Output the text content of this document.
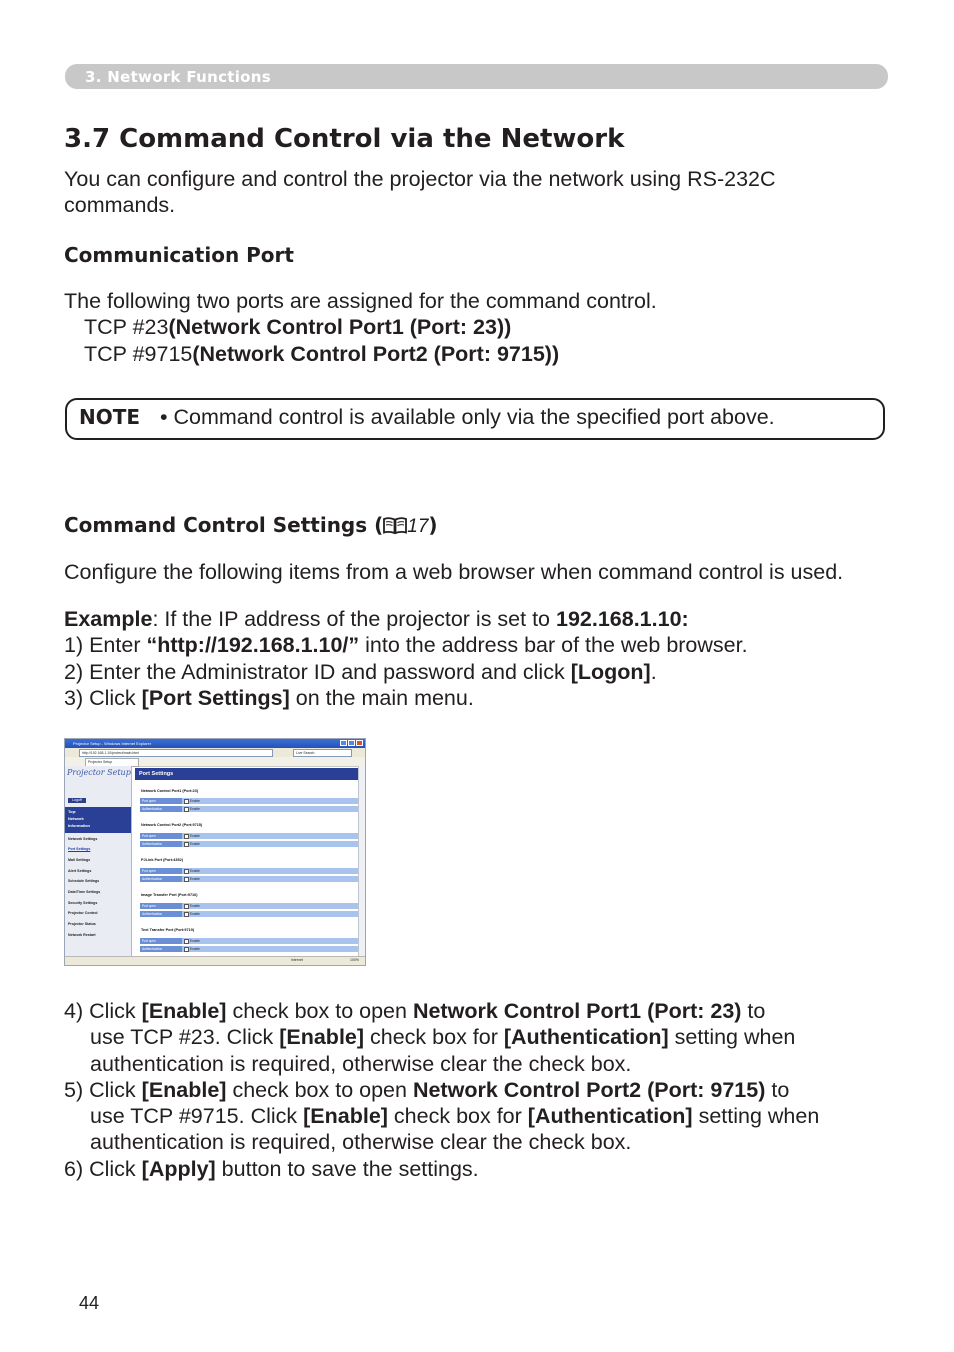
3. Network Functions
3.7 Command Control via the Network

You can configure and control the projector via the network using RS-232C
commands.

Communication Port

The following two ports are assigned for the command control.
TCP #23(Network Control Port1 (Port: 23))
TCP #9715(Network Control Port2 (Port: 9715))

NOTE • Command control is available only via the specified port above.
Command Control Settings ( 17)

Configure the following items from a web browser when command control is used.

Example: If the IP address of the projector is set to 192.168.1.10:
1) Enter “http://192.168.1.10/” into the address bar of the web browser.
2) Enter the Administrator ID and password and click [Logon].
3) Click [Port Settings] on the main menu.

Projector Setup - Windows Internet Explorer
http://192.168.1.10/protect/main.html	Live Search
Projector Setup
Projector Setup
Logoff
Top:
Network
Information
Network Settings
Port Settings
Mail Settings
Alert Settings
Schedule Settings
Date/Time Settings
Security Settings
Projector Control
Projector Status
Network Restart
Port Settings
Network Control Port1 (Port:23)
Port open	Enable
Authentication	Enable
Network Control Port2 (Port:9715)
Port open	Enable
Authentication	Enable
PJLink Port (Port:4352)
Port open	Enable
Authentication	Enable
Image Transfer Port (Port:9716)
Port open	Enable
Authentication	Enable
Text Transfer Port (Port:9719)
Port open	Enable
Authentication	Enable
Internet	100%

4) Click [Enable] check box to open Network Control Port1 (Port: 23) to
use TCP #23. Click [Enable] check box for [Authentication] setting when
authentication is required, otherwise clear the check box.
5) Click [Enable] check box to open Network Control Port2 (Port: 9715) to
use TCP #9715. Click [Enable] check box for [Authentication] setting when
authentication is required, otherwise clear the check box.
6) Click [Apply] button to save the settings.

44
